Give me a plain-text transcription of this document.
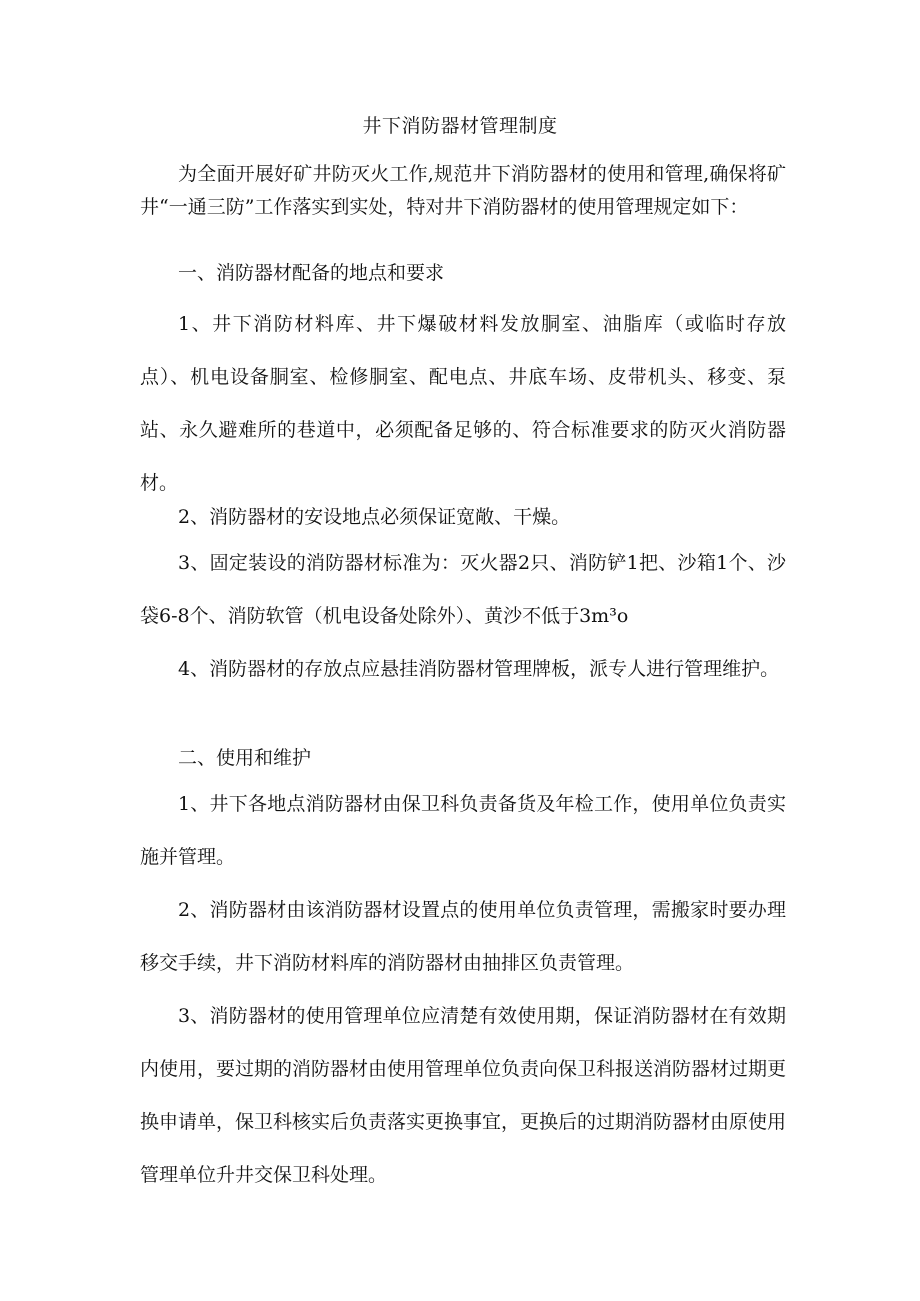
井下消防器材管理制度

为全面开展好矿井防灭火工作,规范井下消防器材的使用和管理,确保将矿井“一通三防”工作落实到实处，特对井下消防器材的使用管理规定如下：

一、消防器材配备的地点和要求

1、井下消防材料库、井下爆破材料发放胴室、油脂库（或临时存放点）、机电设备胴室、检修胴室、配电点、井底车场、皮带机头、移变、泵站、永久避难所的巷道中，必须配备足够的、符合标准要求的防灭火消防器材。

2、消防器材的安设地点必须保证宽敞、干燥。

3、固定装设的消防器材标准为：灭火器2只、消防铲1把、沙箱1个、沙袋6-8个、消防软管（机电设备处除外）、黄沙不低于3m³o

4、消防器材的存放点应悬挂消防器材管理牌板，派专人进行管理维护。

二、使用和维护

1、井下各地点消防器材由保卫科负责备货及年检工作，使用单位负责实施并管理。

2、消防器材由该消防器材设置点的使用单位负责管理，需搬家时要办理移交手续，井下消防材料库的消防器材由抽排区负责管理。

3、消防器材的使用管理单位应清楚有效使用期，保证消防器材在有效期内使用，要过期的消防器材由使用管理单位负责向保卫科报送消防器材过期更换申请单，保卫科核实后负责落实更换事宜，更换后的过期消防器材由原使用管理单位升井交保卫科处理。
